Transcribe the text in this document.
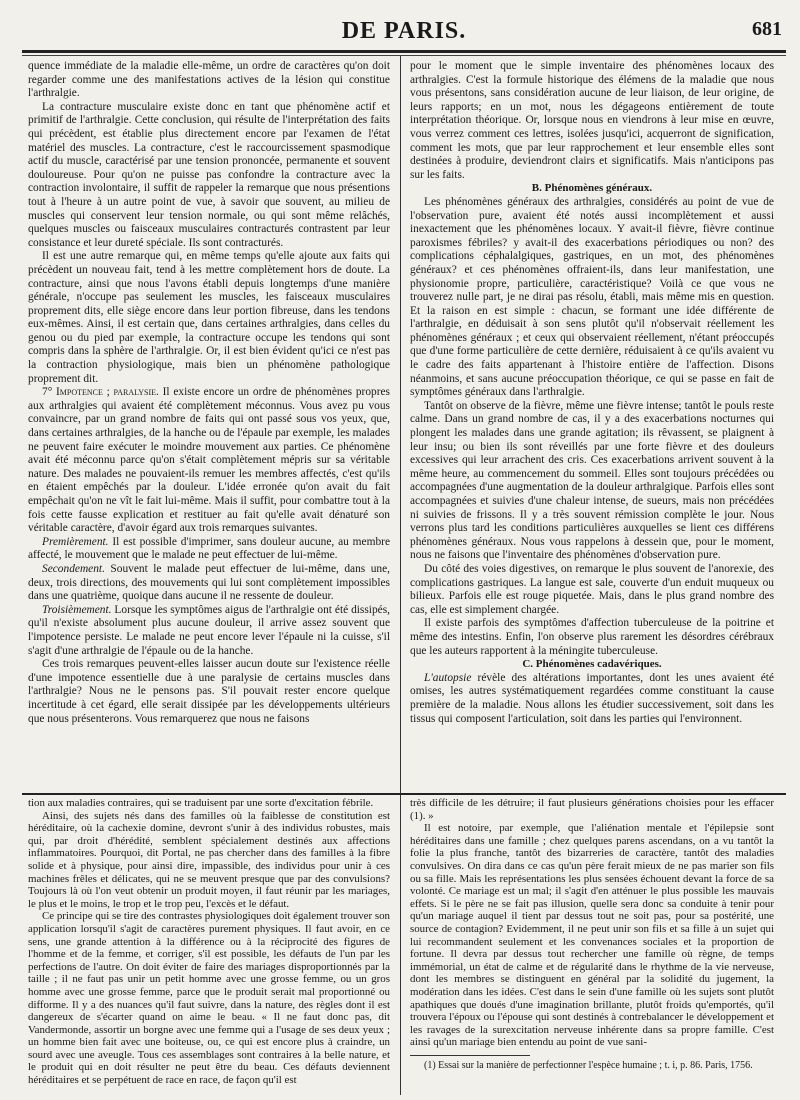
DE PARIS.	681

quence immédiate de la maladie elle-même, un ordre de caractères qu'on doit regarder comme une des manifestations actives de la lésion qui constitue l'arthralgie.

La contracture musculaire existe donc en tant que phénomène actif et primitif de l'arthralgie. Cette conclusion, qui résulte de l'interprétation des faits qui précèdent, est établie plus directement encore par l'examen de l'état matériel des muscles. La contracture, c'est le raccourcissement spasmodique actif du muscle, caractérisé par une tension prononcée, permanente et souvent douloureuse. Pour qu'on ne puisse pas confondre la contracture avec la contraction involontaire, il suffit de rappeler la remarque que nous présentions tout à l'heure à un autre point de vue, à savoir que souvent, au milieu de muscles qui conservent leur tension normale, ou qui sont même relâchés, quelques muscles ou faisceaux musculaires contracturés contrastent par leur consistance et leur dureté spéciale. Ils sont contracturés.

Il est une autre remarque qui, en même temps qu'elle ajoute aux faits qui précèdent un nouveau fait, tend à les mettre complètement hors de doute. La contracture, ainsi que nous l'avons établi depuis longtemps d'une manière générale, n'occupe pas seulement les muscles, les faisceaux musculaires proprement dits, elle siège encore dans leur portion fibreuse, dans les tendons eux-mêmes. Ainsi, il est certain que, dans certaines arthralgies, dans celles du genou ou du pied par exemple, la contracture occupe les tendons qui sont compris dans la sphère de l'arthralgie. Or, il est bien évident qu'ici ce n'est pas la contraction physiologique, mais bien un phénomène pathologique proprement dit.

7° Impotence ; paralysie. Il existe encore un ordre de phénomènes propres aux arthralgies qui avaient été complètement méconnus. Vous avez pu vous convaincre, par un grand nombre de faits qui ont passé sous vos yeux, que, dans certaines arthralgies, de la hanche ou de l'épaule par exemple, les malades ne peuvent faire exécuter le moindre mouvement aux parties. Ce phénomène avait été méconnu parce qu'on s'était complètement mépris sur sa véritable nature. Des malades ne pouvaient-ils remuer les membres affectés, c'est qu'ils en étaient empêchés par la douleur. L'idée erronée qu'on avait du fait empêchait qu'on ne vît le fait lui-même. Mais il suffit, pour combattre tout à la fois cette fausse explication et restituer au fait qu'elle avait dénaturé son véritable caractère, d'avoir égard aux trois remarques suivantes.

Premièrement. Il est possible d'imprimer, sans douleur aucune, au membre affecté, le mouvement que le malade ne peut effectuer de lui-même.

Secondement. Souvent le malade peut effectuer de lui-même, dans une, deux, trois directions, des mouvements qui lui sont complètement impossibles dans une quatrième, quoique dans aucune il ne ressente de douleur.

Troisièmement. Lorsque les symptômes aigus de l'arthralgie ont été dissipés, qu'il n'existe absolument plus aucune douleur, il arrive assez souvent que l'impotence persiste. Le malade ne peut encore lever l'épaule ni la cuisse, s'il s'agit d'une arthralgie de l'épaule ou de la hanche.

Ces trois remarques peuvent-elles laisser aucun doute sur l'existence réelle d'une impotence essentielle due à une paralysie de certains muscles dans l'arthralgie? Nous ne le pensons pas. S'il pouvait rester encore quelque incertitude à cet égard, elle serait dissipée par les développements ultérieurs que nous présenterons. Vous remarquerez que nous ne faisons

pour le moment que le simple inventaire des phénomènes locaux des arthralgies. C'est la formule historique des élémens de la maladie que nous vous présentons, sans considération aucune de leur liaison, de leur origine, de leurs rapports; en un mot, nous les dégageons entièrement de toute interprétation théorique. Or, lorsque nous en viendrons à leur mise en œuvre, vous verrez comment ces lettres, isolées jusqu'ici, acquerront de signification, comment les mots, que par leur rapprochement et leur ensemble elles sont destinées à produire, deviendront clairs et significatifs. Mais n'anticipons pas sur les faits.

B. Phénomènes généraux.

Les phénomènes généraux des arthralgies, considérés au point de vue de l'observation pure, avaient été notés aussi incomplètement et aussi inexactement que les phénomènes locaux. Y avait-il fièvre, fièvre continue paroxismes fébriles? y avait-il des exacerbations périodiques ou non? des complications céphalalgiques, gastriques, en un mot, des phénomènes généraux? et ces phénomènes offraient-ils, dans leur manifestation, une physionomie propre, particulière, caractéristique? Voilà ce que vous ne trouverez nulle part, je ne dirai pas résolu, établi, mais même mis en question. Et la raison en est simple : chacun, se formant une idée différente de l'arthralgie, en déduisait à son sens plutôt qu'il n'observait réellement les phénomènes généraux ; et ceux qui observaient réellement, n'étant préoccupés que d'une forme particulière de cette dernière, réduisaient à ce qu'ils avaient vu le cadre des faits appartenant à l'histoire entière de l'affection. Disons néanmoins, et sans aucune préoccupation théorique, ce qui se passe en fait de symptômes généraux dans l'arthralgie.

Tantôt on observe de la fièvre, même une fièvre intense; tantôt le pouls reste calme. Dans un grand nombre de cas, il y a des exacerbations nocturnes qui plongent les malades dans une grande agitation; ils rêvassent, se plaignent à leur insu; ou bien ils sont réveillés par une forte fièvre et des douleurs excessives qui leur arrachent des cris. Ces exacerbations arrivent souvent à la même heure, au commencement du sommeil. Elles sont toujours précédées ou accompagnées d'une augmentation de la douleur arthralgique. Parfois elles sont accompagnées et suivies d'une chaleur intense, de sueurs, mais non précédées ni suivies de frissons. Il y a très souvent rémission complète le jour. Nous verrons plus tard les conditions particulières auxquelles se lient ces différens phénomènes généraux. Nous vous rappelons à dessein que, pour le moment, nous ne faisons que l'inventaire des phénomènes d'observation pure.

Du côté des voies digestives, on remarque le plus souvent de l'anorexie, des complications gastriques. La langue est sale, couverte d'un enduit muqueux ou bilieux. Parfois elle est rouge piquetée. Mais, dans le plus grand nombre des cas, elle est simplement chargée.

Il existe parfois des symptômes d'affection tuberculeuse de la poitrine et même des intestins. Enfin, l'on observe plus rarement les désordres cérébraux que les auteurs rapportent à la méningite tuberculeuse.

C. Phénomènes cadavériques.

L'autopsie révèle des altérations importantes, dont les unes avaient été omises, les autres systématiquement regardées comme constituant la cause première de la maladie. Nous allons les étudier successivement, soit dans les tissus qui composent l'articulation, soit dans les parties qui l'environnent.

tion aux maladies contraires, qui se traduisent par une sorte d'excitation fébrile.

Ainsi, des sujets nés dans des familles où la faiblesse de constitution est héréditaire, où la cachexie domine, devront s'unir à des individus robustes, mais qui, par droit d'hérédité, semblent spécialement destinés aux affections inflammatoires. Pourquoi, dit Portal, ne pas chercher dans des familles à la fibre solide et à physique, pour ainsi dire, impassible, des individus pour unir à ces machines frêles et délicates, qui ne se meuvent presque que par des convulsions? Toujours là où l'on veut obtenir un produit moyen, il faut réunir par les mariages, le plus et le moins, le trop et le trop peu, l'excès et le défaut.

Ce principe qui se tire des contrastes physiologiques doit également trouver son application lorsqu'il s'agit de caractères purement physiques. Il faut avoir, en ce sens, une grande attention à la différence ou à la réciprocité des figures de l'homme et de la femme, et corriger, s'il est possible, les défauts de l'un par les perfections de l'autre. On doit éviter de faire des mariages disproportionnés par la taille ; il ne faut pas unir un petit homme avec une grosse femme, ou un gros homme avec une grosse femme, parce que le produit serait mal proportionné ou difforme. Il y a des nuances qu'il faut suivre, dans la nature, des règles dont il est dangereux de s'écarter quand on aime le beau. « Il ne faut donc pas, dit Vandermonde, assortir un borgne avec une femme qui a l'usage de ses deux yeux ; un homme bien fait avec une boiteuse, ou, ce qui est encore plus à craindre, un sourd avec une aveugle. Tous ces assemblages sont contraires à la belle nature, et le produit qui en doit résulter ne peut être du beau. Ces défauts deviennent héréditaires et se perpétuent de race en race, de façon qu'il est

très difficile de les détruire; il faut plusieurs générations choisies pour les effacer (1). »

Il est notoire, par exemple, que l'aliénation mentale et l'épilepsie sont héréditaires dans une famille ; chez quelques parens ascendans, on a vu tantôt la folie la plus franche, tantôt des bizarreries de caractère, tantôt des maladies convulsives. On dira dans ce cas qu'un père ferait mieux de ne pas marier son fils ou sa fille. Mais les représentations les plus sensées échouent devant la force de sa volonté. Ce mariage est un mal; il s'agit d'en atténuer le plus possible les mauvais effets. Si le père ne se fait pas illusion, quelle sera donc sa conduite à tenir pour qu'un mariage auquel il tient par dessus tout ne soit pas, pour sa postérité, une source de contagion? Evidemment, il ne peut unir son fils et sa fille à un sujet qui lui recommandent seulement et les convenances sociales et la proportion de fortune. Il devra par dessus tout rechercher une famille où règne, de temps immémorial, un état de calme et de régularité dans le rhythme de la vie nerveuse, dont les membres se distinguent en général par la solidité du jugement, la modération dans les idées. C'est dans le sein d'une famille où les sujets sont plutôt apathiques que doués d'une imagination brillante, plutôt froids qu'emportés, qu'il trouvera l'époux ou l'épouse qui sont destinés à contrebalancer le développement et les ravages de la surexcitation nerveuse inhérente dans sa propre famille. C'est ainsi qu'un mariage bien entendu au point de vue sani-

(1) Essai sur la manière de perfectionner l'espèce humaine ; t. i, p. 86. Paris, 1756.
